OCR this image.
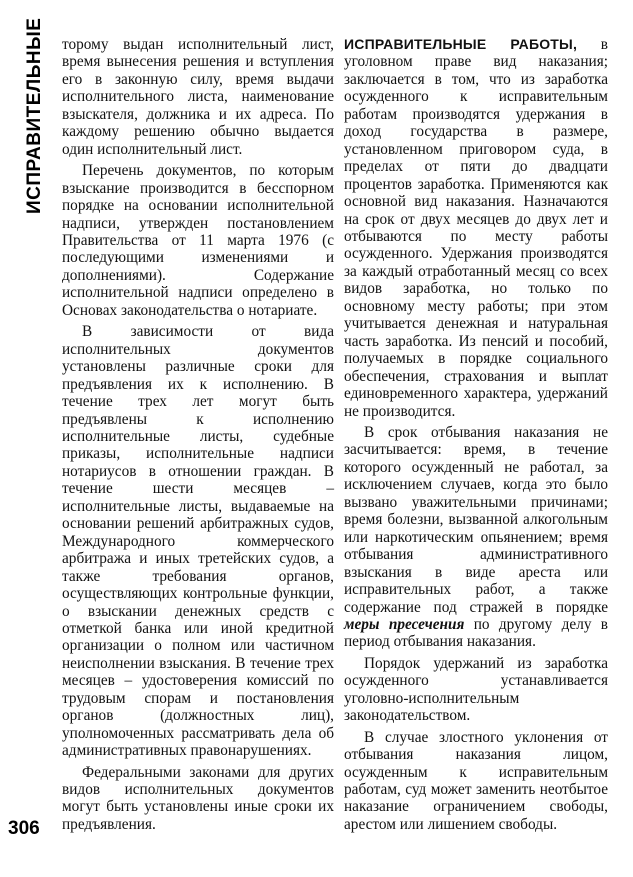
ИСПРАВИТЕЛЬНЫЕ	торому выдан исполнительный лист, время вынесения решения и вступления его в законную силу, время выдачи исполнительного листа, наименование взыскателя, должника и их адреса. По каждому решению обычно выдается один исполнительный лист.

Перечень документов, по которым взыскание производится в бесспорном порядке на основании исполнительной надписи, утвержден постановлением Правительства от 11 марта 1976 (с последующими изменениями и дополнениями). Содержание исполнительной надписи определено в Основах законодательства о нотариате.

В зависимости от вида исполнительных документов установлены различные сроки для предъявления их к исполнению. В течение трех лет могут быть предъявлены к исполнению исполнительные листы, судебные приказы, исполнительные надписи нотариусов в отношении граждан. В течение шести месяцев – исполнительные листы, выдаваемые на основании решений арбитражных судов, Международного коммерческого арбитража и иных третейских судов, а также требования органов, осуществляющих контрольные функции, о взыскании денежных средств с отметкой банка или иной кредитной организации о полном или частичном неисполнении взыскания. В течение трех месяцев – удостоверения комиссий по трудовым спорам и постановления органов (должностных лиц), уполномоченных рассматривать дела об административных правонарушениях.

Федеральными законами для других видов исполнительных документов могут быть установлены иные сроки их предъявления.

ИСПРАВИТЕЛЬНЫЕ РАБОТЫ, в уголовном праве вид наказания; заключается в том, что из заработка осужденного к исправительным работам производятся удержания в доход государства в размере, установленном приговором суда, в пределах от пяти до двадцати процентов заработка. Применяются как основной вид наказания. Назначаются на срок от двух месяцев до двух лет и отбываются по месту работы осужденного. Удержания производятся за каждый отработанный месяц со всех видов заработка, но только по основному месту работы; при этом учитывается денежная и натуральная часть заработка. Из пенсий и пособий, получаемых в порядке социального обеспечения, страхования и выплат единовременного характера, удержаний не производится.

В срок отбывания наказания не засчитывается: время, в течение которого осужденный не работал, за исключением случаев, когда это было вызвано уважительными причинами; время болезни, вызванной алкогольным или наркотическим опьянением; время отбывания административного взыскания в виде ареста или исправительных работ, а также содержание под стражей в порядке меры пресечения по другому делу в период отбывания наказания.

Порядок удержаний из заработка осужденного устанавливается уголовно-исполнительным законодательством.

В случае злостного уклонения от отбывания наказания лицом, осужденным к исправительным работам, суд может заменить неотбытое наказание ограничением свободы, арестом или лишением свободы.

306
